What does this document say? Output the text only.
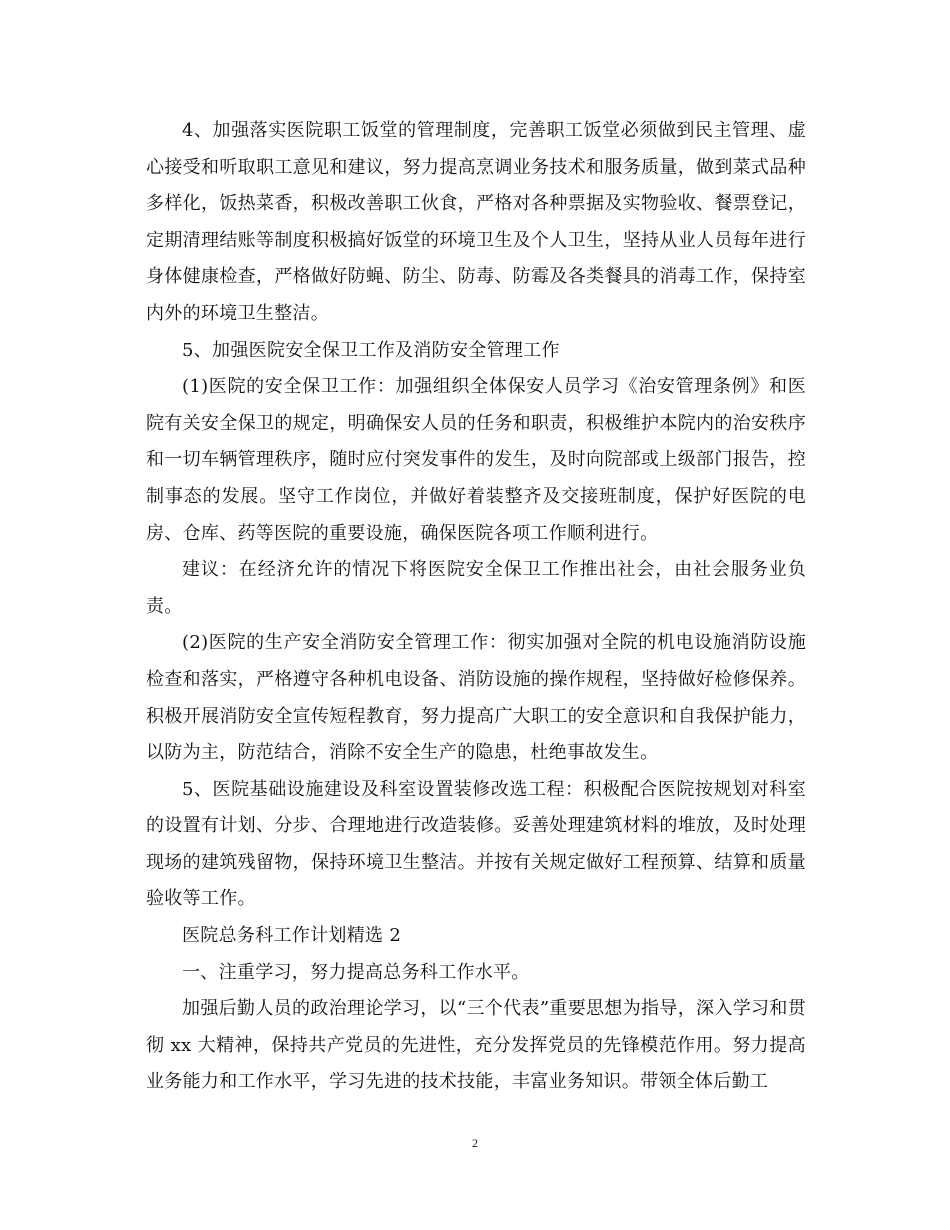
4、加强落实医院职工饭堂的管理制度，完善职工饭堂必须做到民主管理、虚心接受和听取职工意见和建议，努力提高烹调业务技术和服务质量，做到菜式品种多样化，饭热菜香，积极改善职工伙食，严格对各种票据及实物验收、餐票登记，定期清理结账等制度积极搞好饭堂的环境卫生及个人卫生，坚持从业人员每年进行身体健康检查，严格做好防蝇、防尘、防毒、防霉及各类餐具的消毒工作，保持室内外的环境卫生整洁。

5、加强医院安全保卫工作及消防安全管理工作

(1)医院的安全保卫工作：加强组织全体保安人员学习《治安管理条例》和医院有关安全保卫的规定，明确保安人员的任务和职责，积极维护本院内的治安秩序和一切车辆管理秩序，随时应付突发事件的发生，及时向院部或上级部门报告，控制事态的发展。坚守工作岗位，并做好着装整齐及交接班制度，保护好医院的电房、仓库、药等医院的重要设施，确保医院各项工作顺利进行。

建议：在经济允许的情况下将医院安全保卫工作推出社会，由社会服务业负责。

(2)医院的生产安全消防安全管理工作：彻实加强对全院的机电设施消防设施检查和落实，严格遵守各种机电设备、消防设施的操作规程，坚持做好检修保养。积极开展消防安全宣传短程教育，努力提高广大职工的安全意识和自我保护能力，以防为主，防范结合，消除不安全生产的隐患，杜绝事故发生。

5、医院基础设施建设及科室设置装修改选工程：积极配合医院按规划对科室的设置有计划、分步、合理地进行改造装修。妥善处理建筑材料的堆放，及时处理现场的建筑残留物，保持环境卫生整洁。并按有关规定做好工程预算、结算和质量验收等工作。

医院总务科工作计划精选 2

一、注重学习，努力提高总务科工作水平。

加强后勤人员的政治理论学习，以“三个代表”重要思想为指导，深入学习和贯彻 xx 大精神，保持共产党员的先进性，充分发挥党员的先锋模范作用。努力提高业务能力和工作水平，学习先进的技术技能，丰富业务知识。带领全体后勤工

2
